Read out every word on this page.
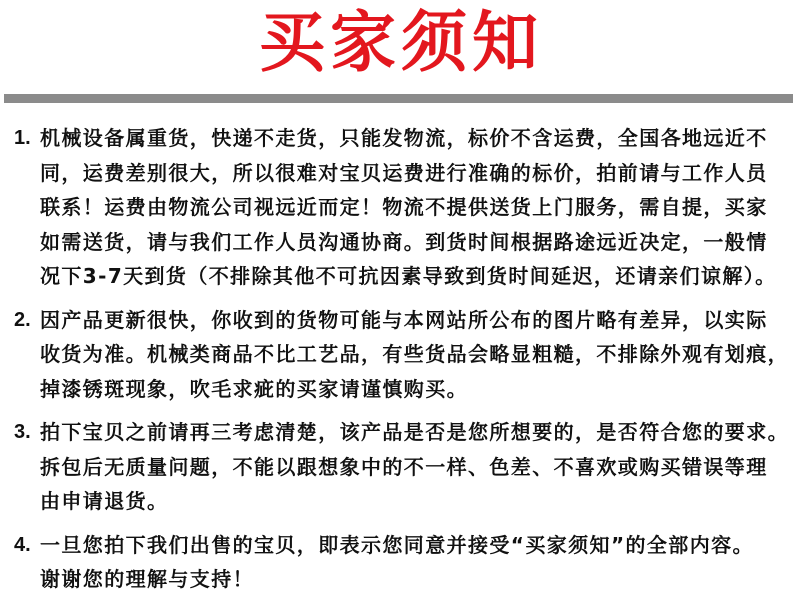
买家须知
1. 机械设备属重货，快递不走货，只能发物流，标价不含运费，全国各地远近不
同，运费差别很大，所以很难对宝贝运费进行准确的标价，拍前请与工作人员
联系！运费由物流公司视远近而定！物流不提供送货上门服务，需自提，买家
如需送货，请与我们工作人员沟通协商。到货时间根据路途远近决定，一般情
况下3-7天到货（不排除其他不可抗因素导致到货时间延迟，还请亲们谅解）。
2. 因产品更新很快，你收到的货物可能与本网站所公布的图片略有差异，以实际
收货为准。机械类商品不比工艺品，有些货品会略显粗糙，不排除外观有划痕，
掉漆锈斑现象，吹毛求疵的买家请谨慎购买。
3. 拍下宝贝之前请再三考虑清楚，该产品是否是您所想要的，是否符合您的要求。
拆包后无质量问题，不能以跟想象中的不一样、色差、不喜欢或购买错误等理
由申请退货。
4. 一旦您拍下我们出售的宝贝，即表示您同意并接受“买家须知”的全部内容。
谢谢您的理解与支持！
